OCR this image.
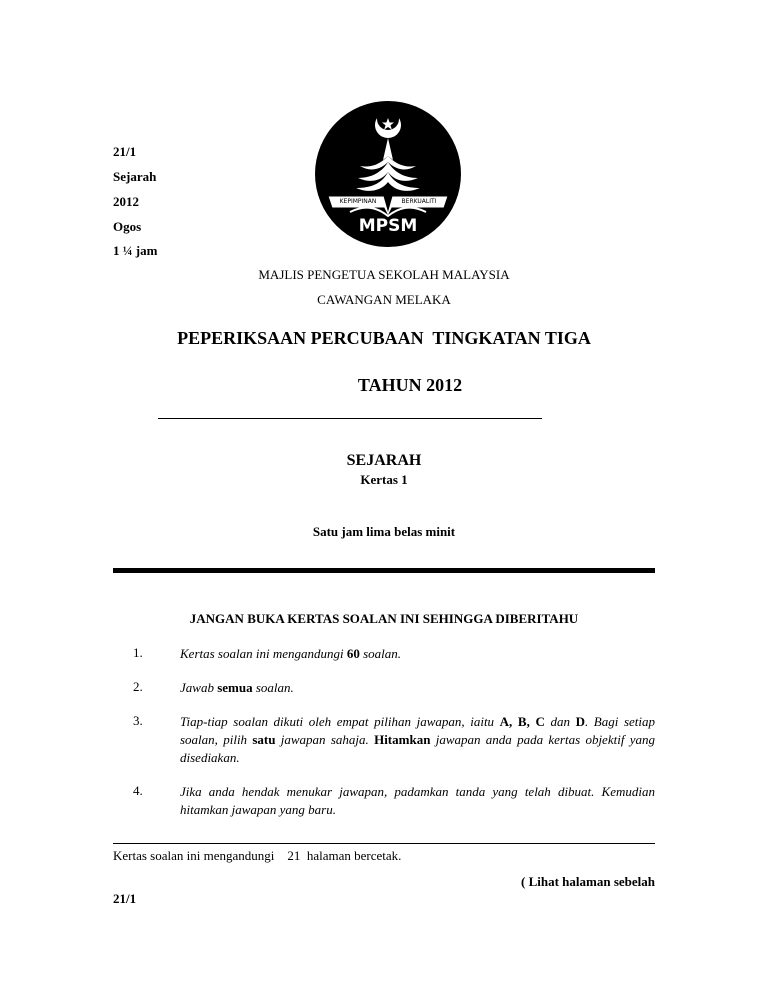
21/1
Sejarah
2012
Ogos
1 ¼ jam
KEPIMPINAN	BERKUALITI
MPSM
MAJLIS PENGETUA SEKOLAH MALAYSIA
CAWANGAN MELAKA
PEPERIKSAAN PERCUBAAN  TINGKATAN TIGA
TAHUN 2012
SEJARAH
Kertas 1
Satu jam lima belas minit
JANGAN BUKA KERTAS SOALAN INI SEHINGGA DIBERITAHU
1.	Kertas soalan ini mengandungi 60 soalan.
2.	Jawab semua soalan.
3.	Tiap-tiap soalan dikuti oleh empat pilihan jawapan, iaitu A, B, C dan D. Bagi setiap soalan, pilih satu jawapan sahaja. Hitamkan jawapan anda pada kertas objektif yang disediakan.
4.	Jika anda hendak menukar jawapan, padamkan tanda yang telah dibuat. Kemudian hitamkan jawapan yang baru.
Kertas soalan ini mengandungi    21  halaman bercetak.
( Lihat halaman sebelah
21/1
